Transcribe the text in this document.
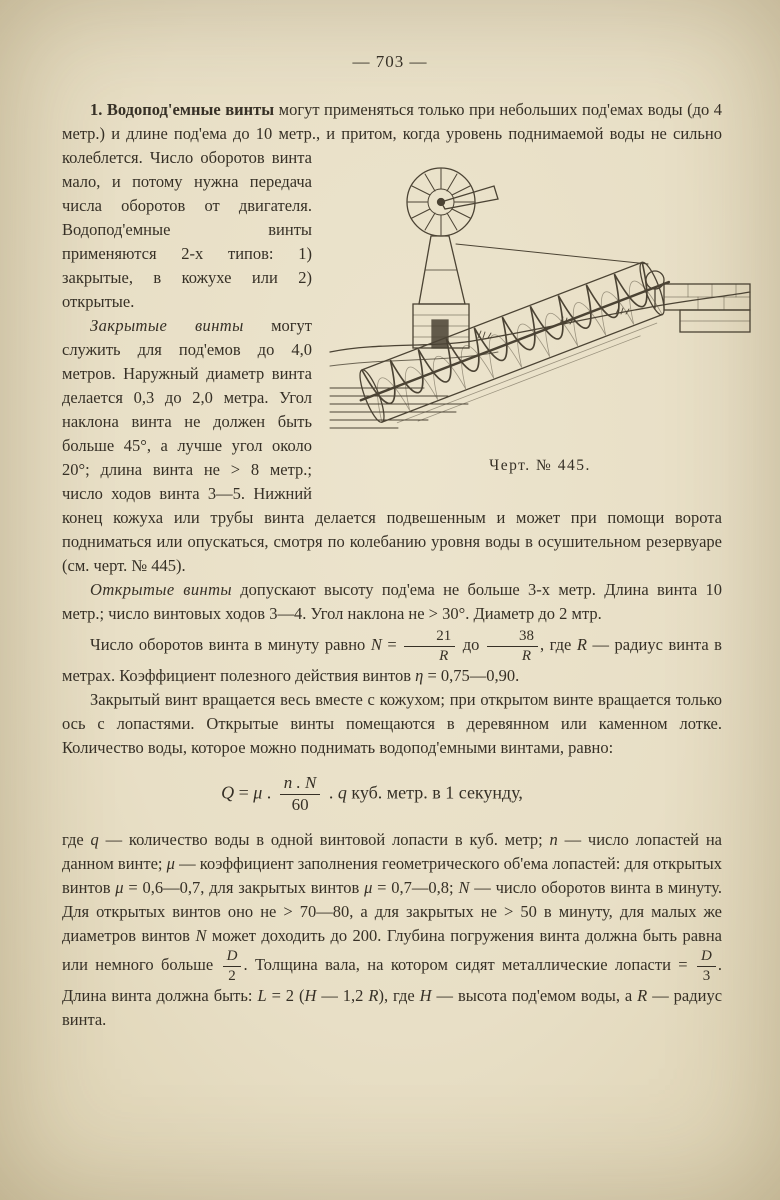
— 703 —
1. Водопод'емные винты могут применяться только при небольших под'емах воды (до 4 метр.) и длине под'ема до 10 метр., и притом, когда уровень
Черт. № 445.
поднимаемой воды не сильно колеблется. Число оборотов винта мало, и потому нужна передача числа оборотов от двигателя. Водопод'емные винты применяются 2-х типов: 1) закрытые, в кожухе или 2) открытые.
Закрытые винты могут служить для под'емов до 4,0 метров. Наружный диаметр винта делается 0,3 до 2,0 метра. Угол наклона винта не должен быть больше 45°, а лучше угол около 20°; длина винта не > 8 метр.; число ходов винта 3—5. Нижний конец кожуха или трубы винта делается подвешенным и может при помощи ворота подниматься или опускаться, смотря по колебанию уровня воды в осушительном резервуаре (см. черт. № 445).
Открытые винты допускают высоту под'ема не больше 3-х метр. Длина винта 10 метр.; число винтовых ходов 3—4. Угол наклона не > 30°. Диаметр до 2 мтр.
Число оборотов винта в минуту равно $N = \frac{21}{R}$ до $\frac{38}{R}$ , где R — радиус винта в метрах. Коэффициент полезного действия винтов η = 0,75—0,90.
Закрытый винт вращается весь вместе с кожухом; при открытом винте вращается только ось с лопастями. Открытые винты помещаются в деревянном или каменном лотке. Количество воды, которое можно поднимать водопод'емными винтами, равно:
Q = μ . $\frac{n . N}{60}$ . q куб. метр. в 1 секунду,
где q — количество воды в одной винтовой лопасти в куб. метр; n — число лопастей на данном винте; μ — коэффициент заполнения геометрического об'ема лопастей: для открытых винтов μ = 0,6—0,7, для закрытых винтов μ = 0,7—0,8; N — число оборотов винта в минуту. Для открытых винтов оно не > 70—80, а для закрытых не > 50 в минуту, для малых же диаметров винтов N может доходить до 200. Глубина погружения винта должна быть равна или немного больше $\frac{D}{2}$ . Толщина вала, на котором сидят металлические лопасти = $\frac{D}{3}$ . Длина винта должна быть: L = 2 (H — 1,2 R), где H — высота под'емом воды, а R — радиус винта.
